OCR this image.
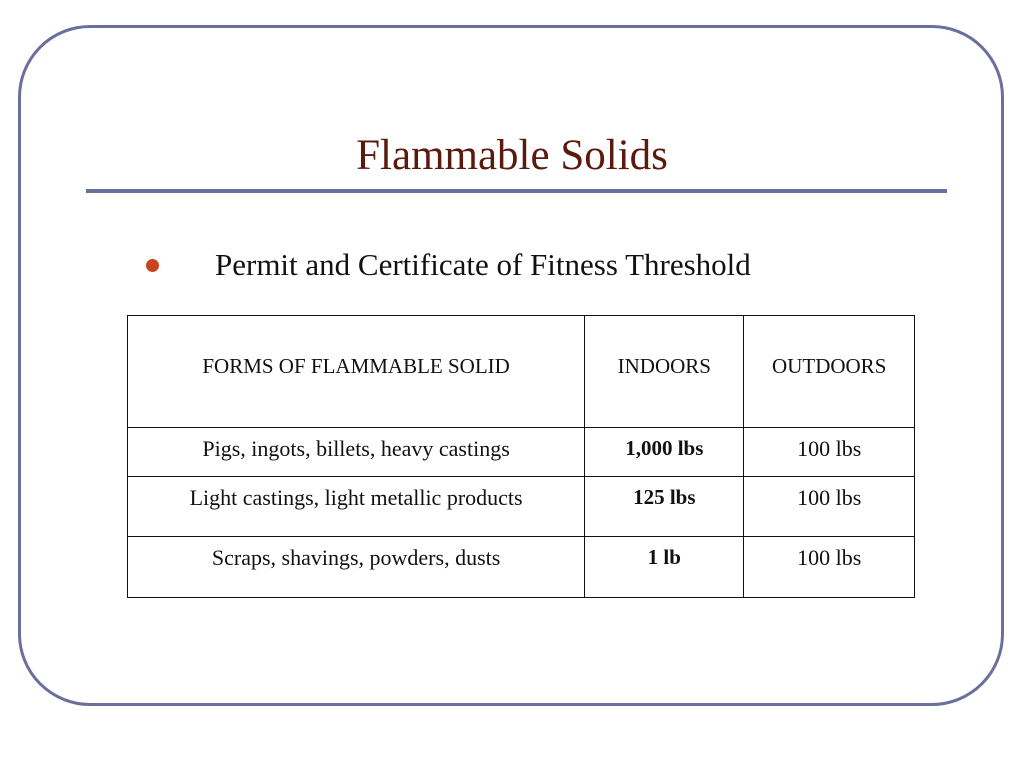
Flammable Solids
Permit and Certificate of Fitness Threshold
FORMS OF FLAMMABLE SOLID	INDOORS	OUTDOORS
Pigs, ingots, billets, heavy castings	1,000 lbs	100 lbs
Light castings, light metallic products	125 lbs	100 lbs
Scraps, shavings, powders, dusts	1 lb	100 lbs
